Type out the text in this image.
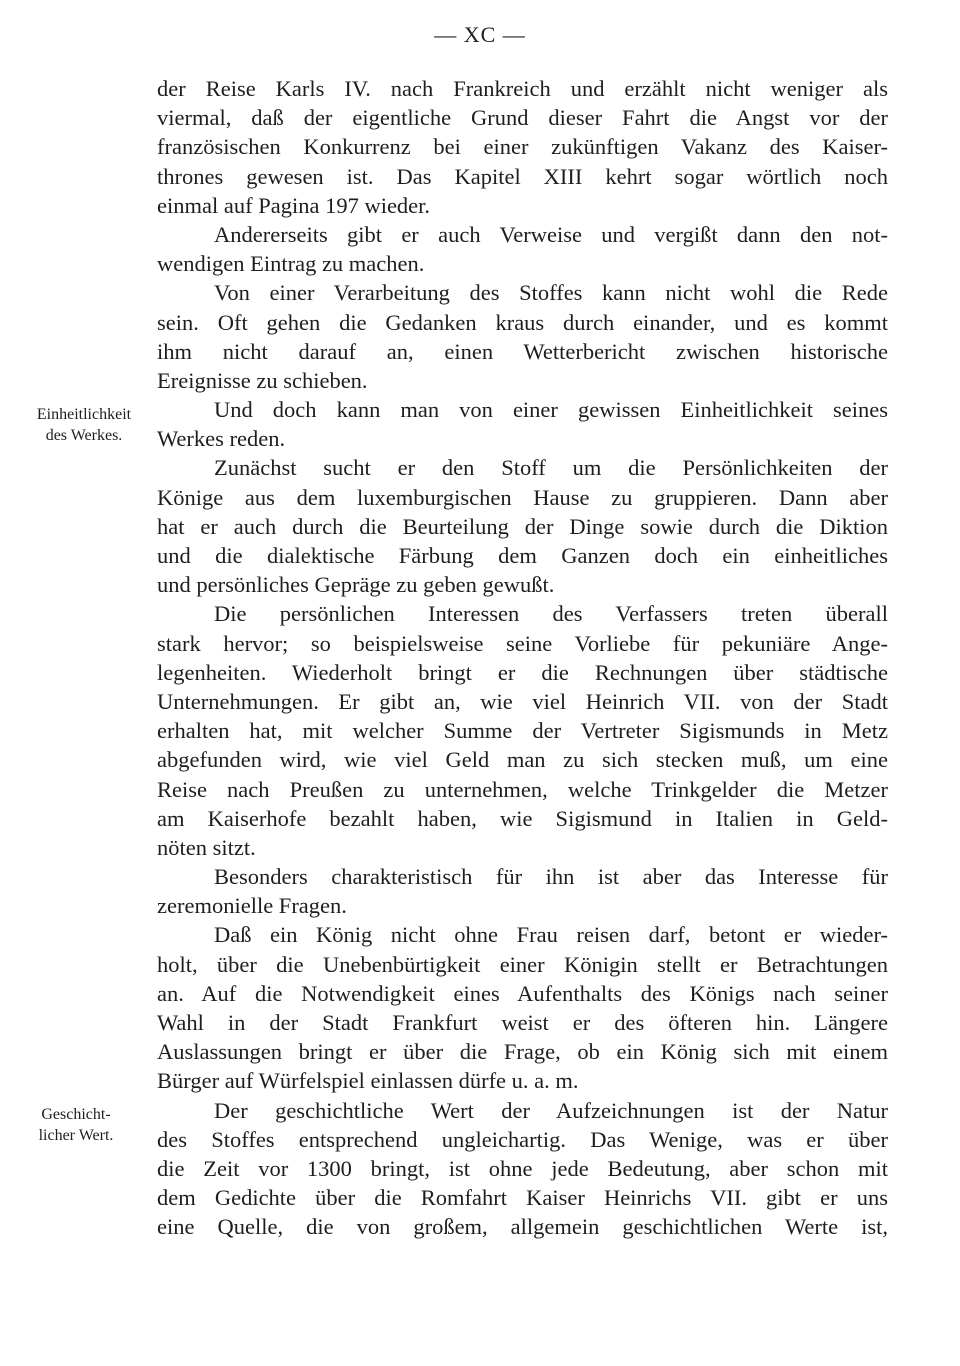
— XC —
Einheitlichkeit
des Werkes.
Geschicht-
licher Wert.
der Reise Karls IV. nach Frankreich und erzählt nicht weniger als
viermal, daß der eigentliche Grund dieser Fahrt die Angst vor der
französischen Konkurrenz bei einer zukünftigen Vakanz des Kaiser-
thrones gewesen ist. Das Kapitel XIII kehrt sogar wörtlich noch
einmal auf Pagina 197 wieder.
Andererseits gibt er auch Verweise und vergißt dann den not-
wendigen Eintrag zu machen.
Von einer Verarbeitung des Stoffes kann nicht wohl die Rede
sein. Oft gehen die Gedanken kraus durch einander, und es kommt
ihm nicht darauf an, einen Wetterbericht zwischen historische
Ereignisse zu schieben.
Und doch kann man von einer gewissen Einheitlichkeit seines
Werkes reden.
Zunächst sucht er den Stoff um die Persönlichkeiten der
Könige aus dem luxemburgischen Hause zu gruppieren. Dann aber
hat er auch durch die Beurteilung der Dinge sowie durch die Diktion
und die dialektische Färbung dem Ganzen doch ein einheitliches
und persönliches Gepräge zu geben gewußt.
Die persönlichen Interessen des Verfassers treten überall
stark hervor; so beispielsweise seine Vorliebe für pekuniäre Ange-
legenheiten. Wiederholt bringt er die Rechnungen über städtische
Unternehmungen. Er gibt an, wie viel Heinrich VII. von der Stadt
erhalten hat, mit welcher Summe der Vertreter Sigismunds in Metz
abgefunden wird, wie viel Geld man zu sich stecken muß, um eine
Reise nach Preußen zu unternehmen, welche Trinkgelder die Metzer
am Kaiserhofe bezahlt haben, wie Sigismund in Italien in Geld-
nöten sitzt.
Besonders charakteristisch für ihn ist aber das Interesse für
zeremonielle Fragen.
Daß ein König nicht ohne Frau reisen darf, betont er wieder-
holt, über die Unebenbürtigkeit einer Königin stellt er Betrachtungen
an. Auf die Notwendigkeit eines Aufenthalts des Königs nach seiner
Wahl in der Stadt Frankfurt weist er des öfteren hin. Längere
Auslassungen bringt er über die Frage, ob ein König sich mit einem
Bürger auf Würfelspiel einlassen dürfe u. a. m.
Der geschichtliche Wert der Aufzeichnungen ist der Natur
des Stoffes entsprechend ungleichartig. Das Wenige, was er über
die Zeit vor 1300 bringt, ist ohne jede Bedeutung, aber schon mit
dem Gedichte über die Romfahrt Kaiser Heinrichs VII. gibt er uns
eine Quelle, die von großem, allgemein geschichtlichen Werte ist,
